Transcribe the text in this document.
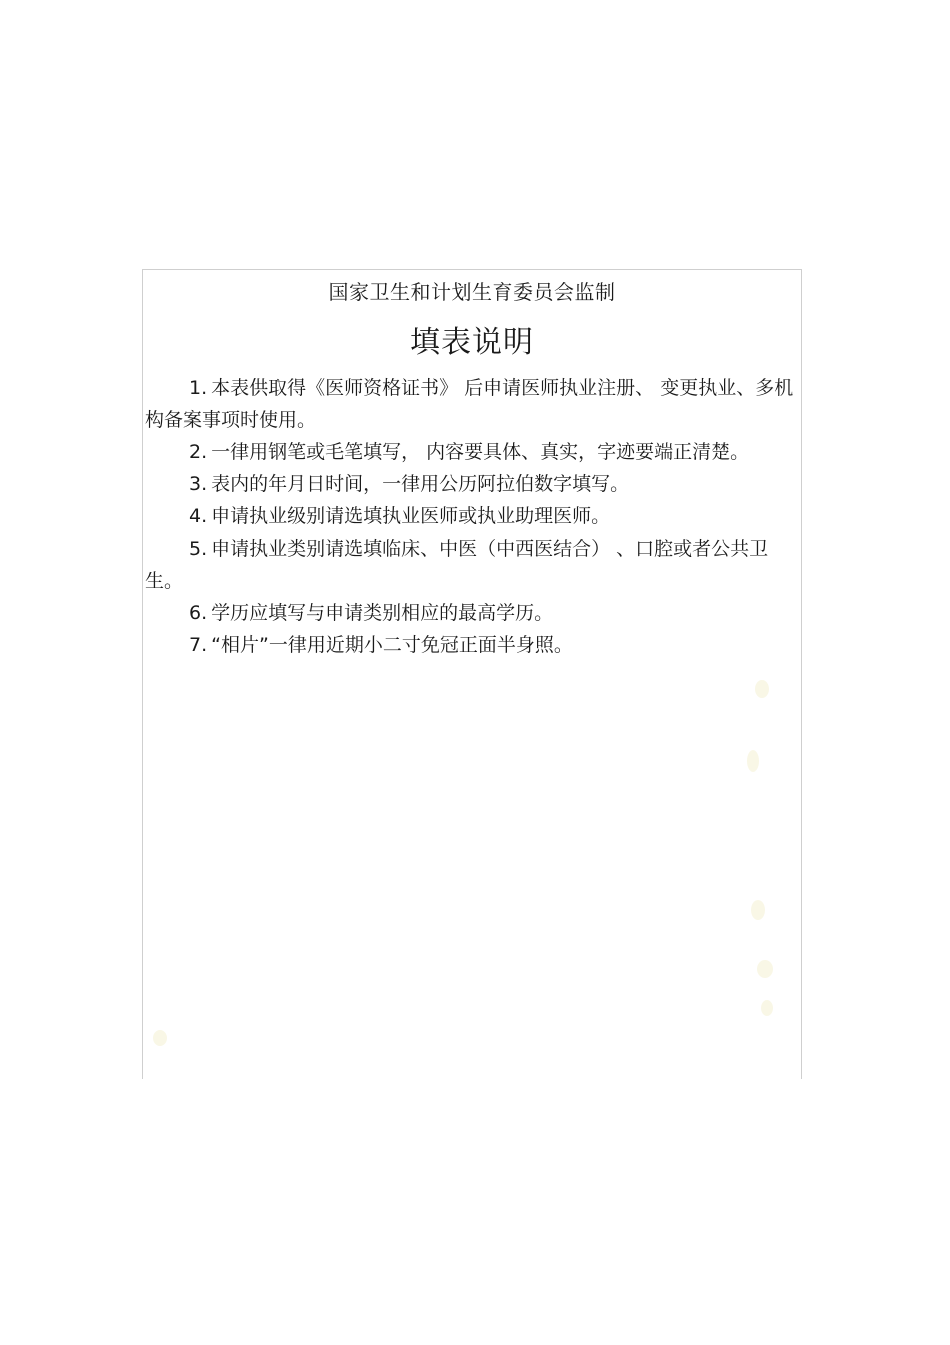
国家卫生和计划生育委员会监制
填表说明
1. 本表供取得《医师资格证书》 后申请医师执业注册、 变更执业、多机构备案事项时使用。
2. 一律用钢笔或毛笔填写， 内容要具体、真实，字迹要端正清楚。
3. 表内的年月日时间，一律用公历阿拉伯数字填写。
4. 申请执业级别请选填执业医师或执业助理医师。
5. 申请执业类别请选填临床、中医（中西医结合） 、口腔或者公共卫生。
6. 学历应填写与申请类别相应的最高学历。
7. “相片”一律用近期小二寸免冠正面半身照。
